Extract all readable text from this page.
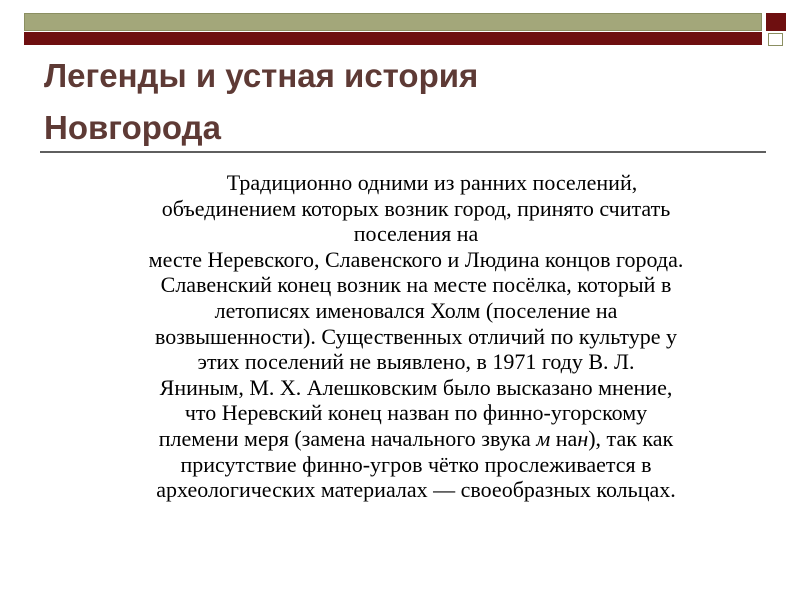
Легенды и устная история
Новгорода
Традиционно одними из ранних поселений,
объединением которых возник город, принято считать
поселения на
месте Неревского, Славенского и Людина концов города.
Славенский конец возник на месте посёлка, который в
летописях именовался Холм (поселение на
возвышенности). Существенных отличий по культуре у
этих поселений не выявлено, в 1971 году В. Л.
Яниным, М. Х. Алешковским было высказано мнение,
что Неревский конец назван по финно-угорскому
племени меря (замена начального звука м нан), так как
присутствие финно-угров чётко прослеживается в
археологических материалах — своеобразных кольцах.
